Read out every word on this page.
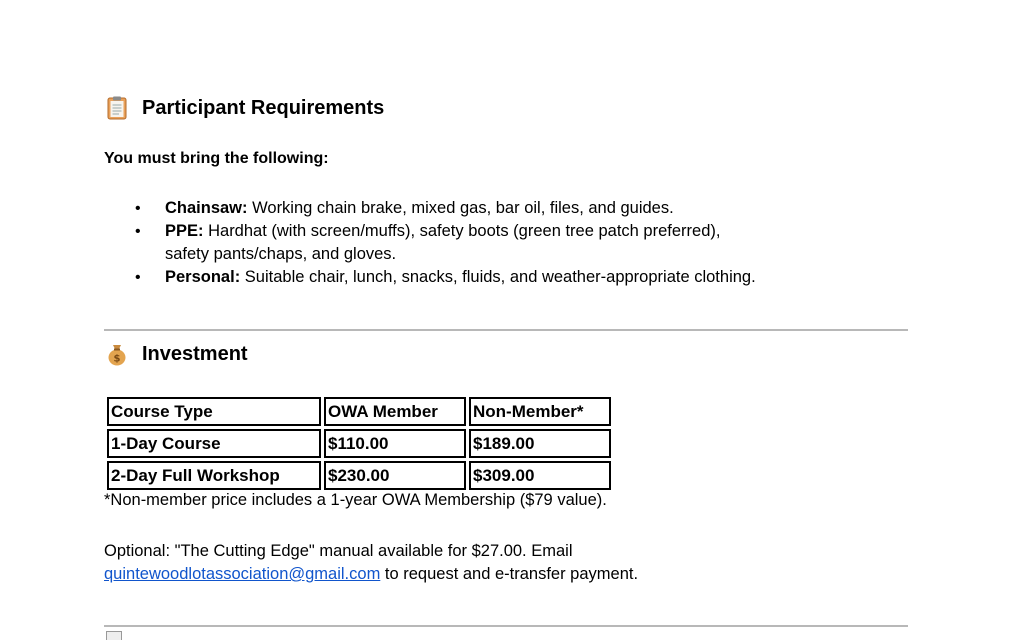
Participant Requirements
You must bring the following:
• Chainsaw: Working chain brake, mixed gas, bar oil, files, and guides.
• PPE: Hardhat (with screen/muffs), safety boots (green tree patch preferred),
safety pants/chaps, and gloves.
• Personal: Suitable chair, lunch, snacks, fluids, and weather-appropriate clothing.
$ Investment
Course Type	OWA Member	Non-Member*
1-Day Course	$110.00	$189.00
2-Day Full Workshop	$230.00	$309.00
*Non-member price includes a 1-year OWA Membership ($79 value).
Optional: "The Cutting Edge" manual available for $27.00. Email
quintewoodlotassociation@gmail.com to request and e-transfer payment.
